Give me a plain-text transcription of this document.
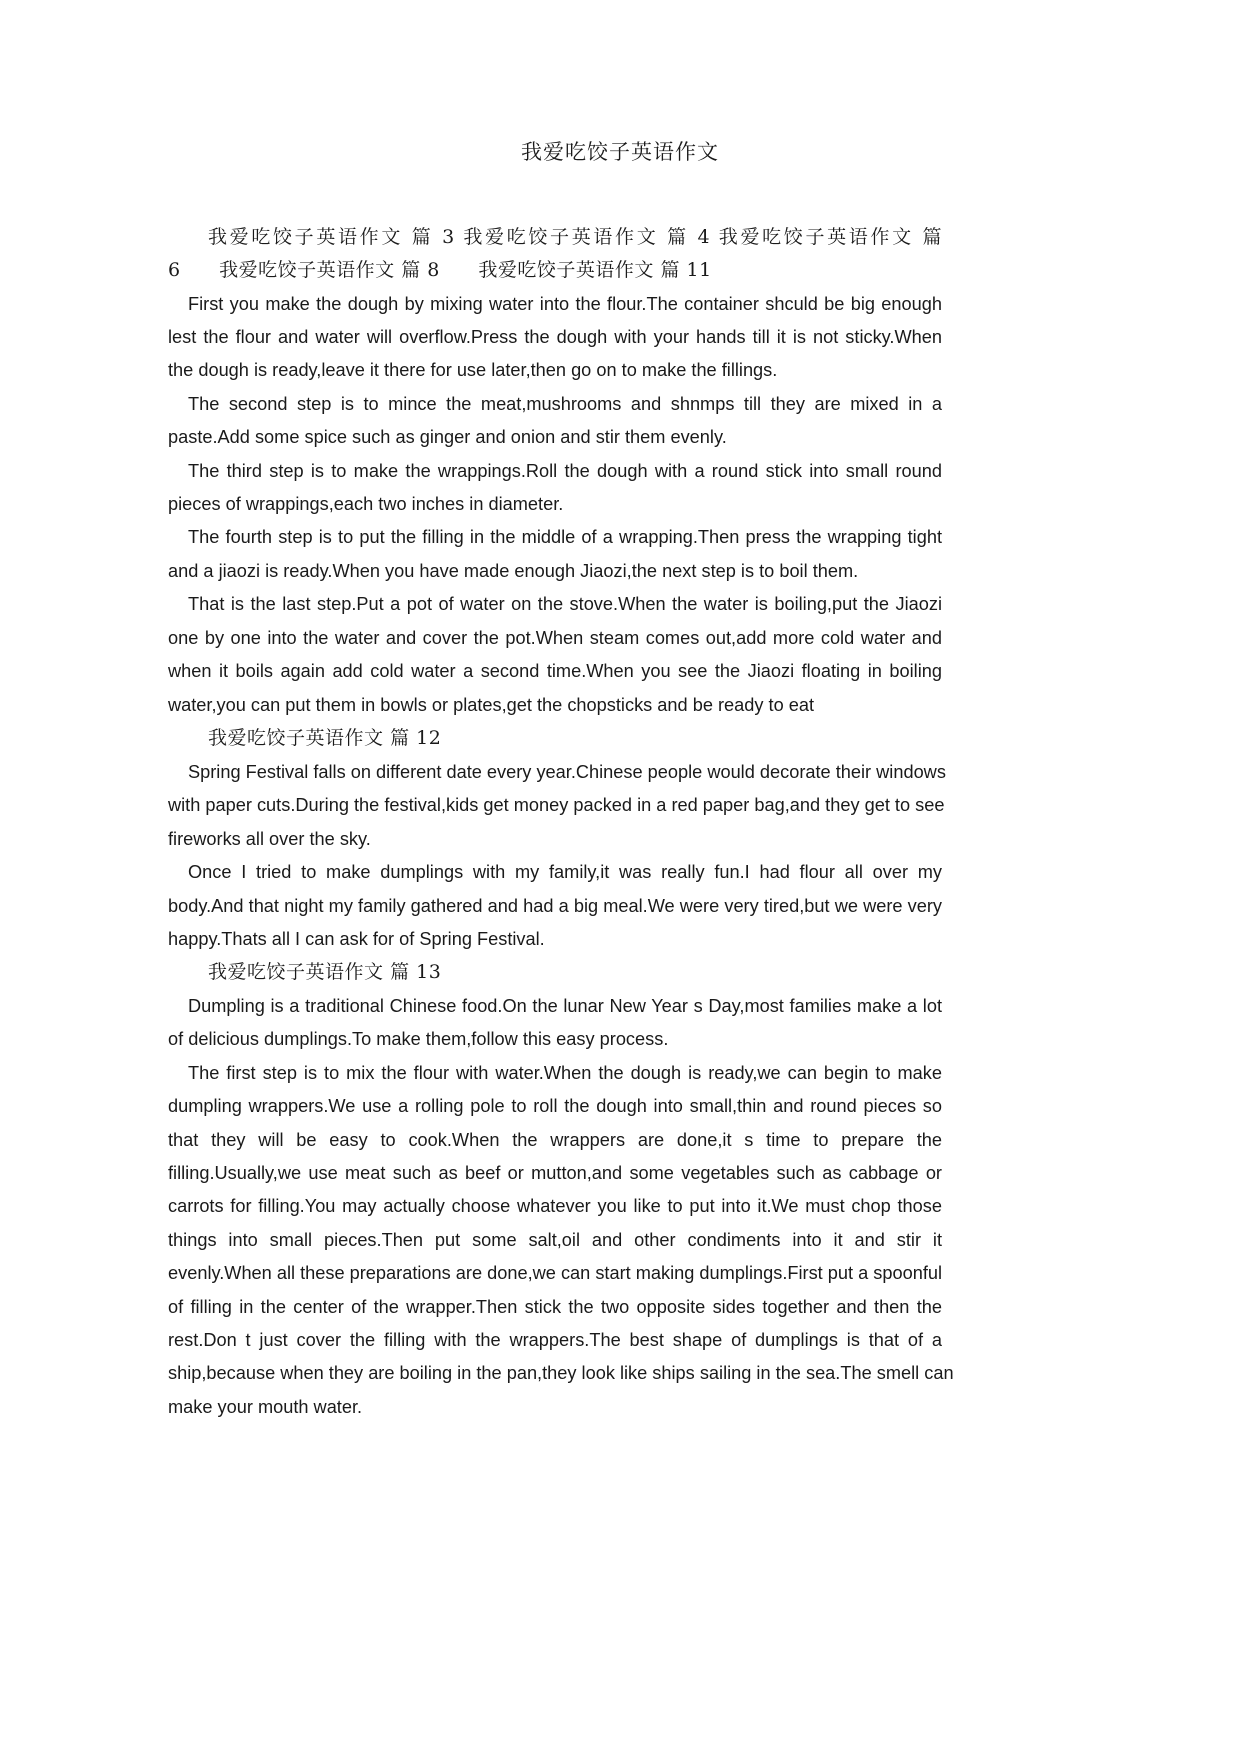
我爱吃饺子英语作文
我爱吃饺子英语作文 篇 3 我爱吃饺子英语作文 篇 4 我爱吃饺子英语作文 篇
6 我爱吃饺子英语作文 篇 8 我爱吃饺子英语作文 篇 11
First you make the dough by mixing water into the flour.The container shculd be big enough
lest the flour and water will overflow.Press the dough with your hands till it is not sticky.When
the dough is ready,leave it there for use later,then go on to make the fillings.
The second step is to mince the meat,mushrooms and shnmps till they are mixed in a
paste.Add some spice such as ginger and onion and stir them evenly.
The third step is to make the wrappings.Roll the dough with a round stick into small round
pieces of wrappings,each two inches in diameter.
The fourth step is to put the filling in the middle of a wrapping.Then press the wrapping tight
and a jiaozi is ready.When you have made enough Jiaozi,the next step is to boil them.
That is the last step.Put a pot of water on the stove.When the water is boiling,put the Jiaozi
one by one into the water and cover the pot.When steam comes out,add more cold water and
when it boils again add cold water a second time.When you see the Jiaozi floating in boiling
water,you can put them in bowls or plates,get the chopsticks and be ready to eat
我爱吃饺子英语作文 篇 12
Spring Festival falls on different date every year.Chinese people would decorate their windows
with paper cuts.During the festival,kids get money packed in a red paper bag,and they get to see
fireworks all over the sky.
Once I tried to make dumplings with my family,it was really fun.I had flour all over my
body.And that night my family gathered and had a big meal.We were very tired,but we were very
happy.Thats all I can ask for of Spring Festival.
我爱吃饺子英语作文 篇 13
Dumpling is a traditional Chinese food.On the lunar New Year s Day,most families make a lot
of delicious dumplings.To make them,follow this easy process.
The first step is to mix the flour with water.When the dough is ready,we can begin to make
dumpling wrappers.We use a rolling pole to roll the dough into small,thin and round pieces so
that they will be easy to cook.When the wrappers are done,it s time to prepare the
filling.Usually,we use meat such as beef or mutton,and some vegetables such as cabbage or
carrots for filling.You may actually choose whatever you like to put into it.We must chop those
things into small pieces.Then put some salt,oil and other condiments into it and stir it
evenly.When all these preparations are done,we can start making dumplings.First put a spoonful
of filling in the center of the wrapper.Then stick the two opposite sides together and then the
rest.Don t just cover the filling with the wrappers.The best shape of dumplings is that of a
ship,because when they are boiling in the pan,they look like ships sailing in the sea.The smell can
make your mouth water.
